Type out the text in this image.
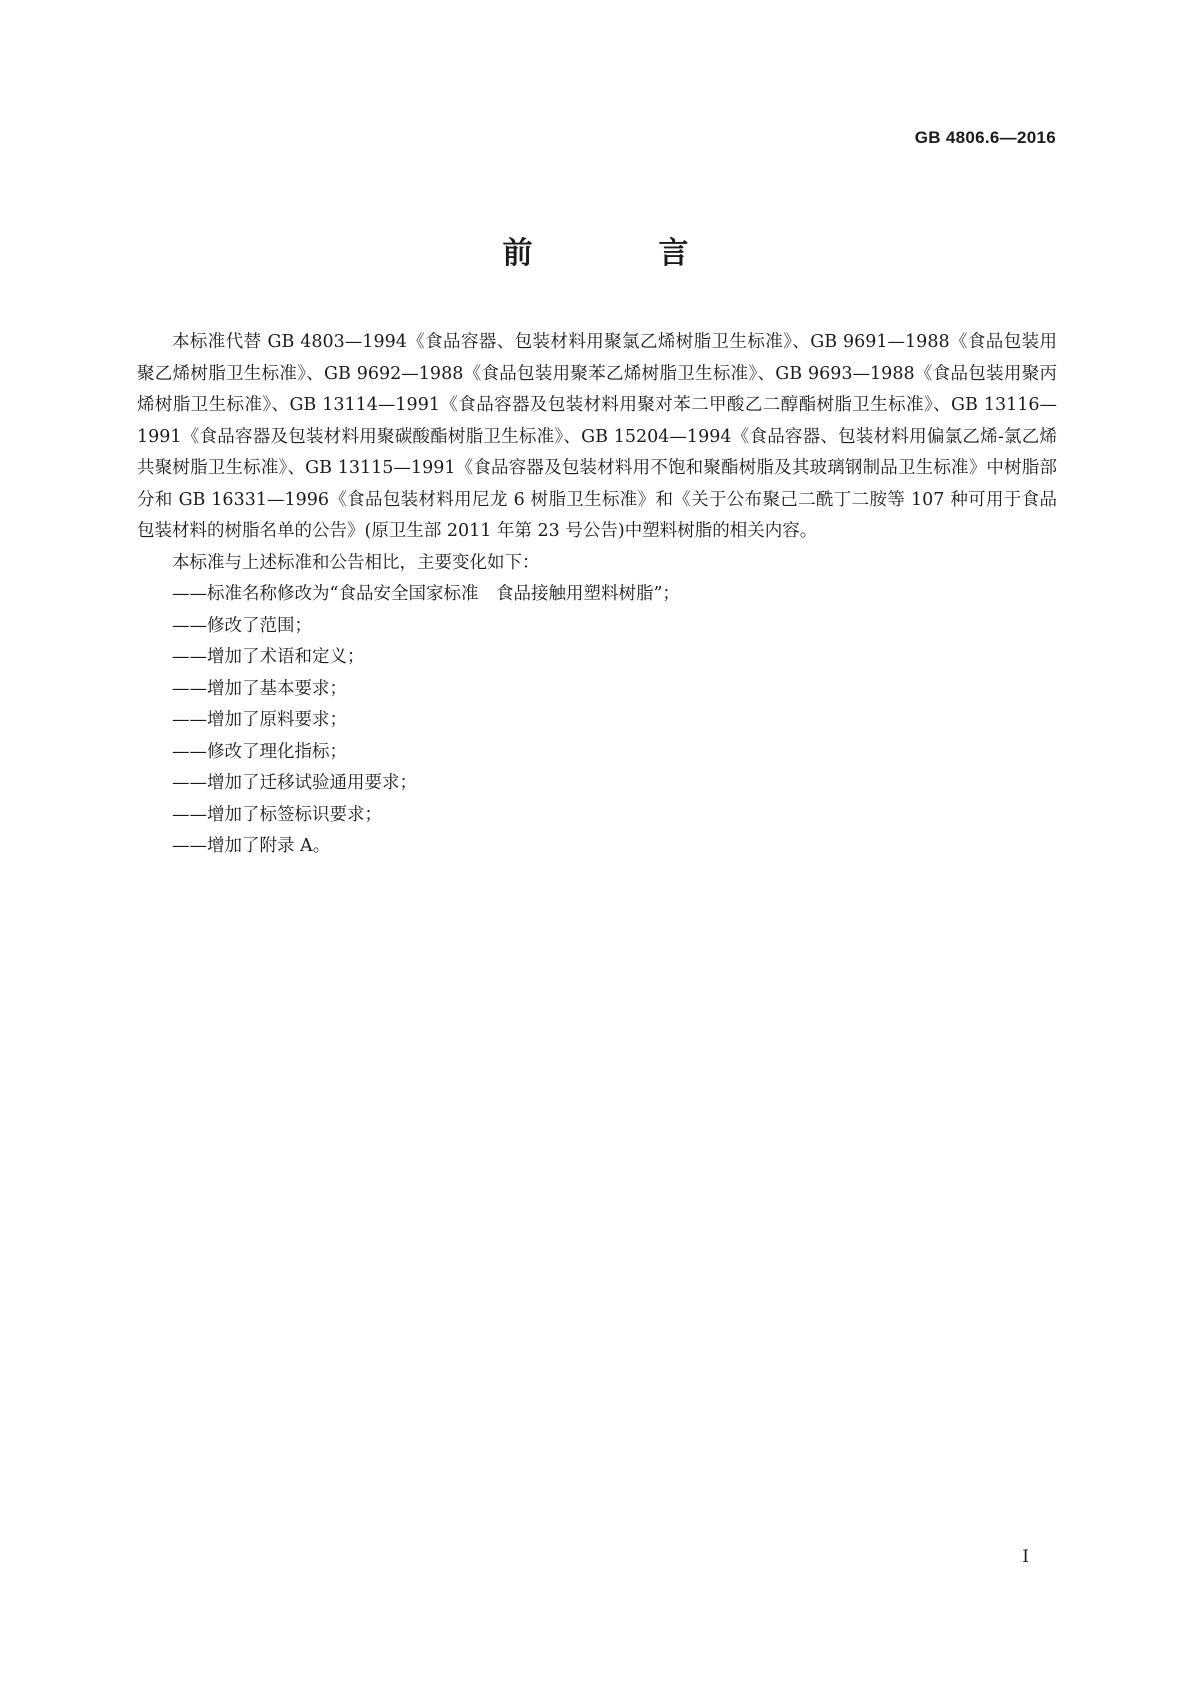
GB 4806.6—2016
前　言

本标准代替 GB 4803—1994《食品容器、包装材料用聚氯乙烯树脂卫生标准》、GB 9691—1988《食品包装用聚乙烯树脂卫生标准》、GB 9692—1988《食品包装用聚苯乙烯树脂卫生标准》、GB 9693—1988《食品包装用聚丙烯树脂卫生标准》、GB 13114—1991《食品容器及包装材料用聚对苯二甲酸乙二醇酯树脂卫生标准》、GB 13116—1991《食品容器及包装材料用聚碳酸酯树脂卫生标准》、GB 15204—1994《食品容器、包装材料用偏氯乙烯-氯乙烯共聚树脂卫生标准》、GB 13115—1991《食品容器及包装材料用不饱和聚酯树脂及其玻璃钢制品卫生标准》中树脂部分和 GB 16331—1996《食品包装材料用尼龙 6 树脂卫生标准》和《关于公布聚己二酰丁二胺等 107 种可用于食品包装材料的树脂名单的公告》(原卫生部 2011 年第 23 号公告)中塑料树脂的相关内容。

本标准与上述标准和公告相比，主要变化如下：

——标准名称修改为“食品安全国家标准　食品接触用塑料树脂”；
——修改了范围；
——增加了术语和定义；
——增加了基本要求；
——增加了原料要求；
——修改了理化指标；
——增加了迁移试验通用要求；
——增加了标签标识要求；
——增加了附录 A。
I
